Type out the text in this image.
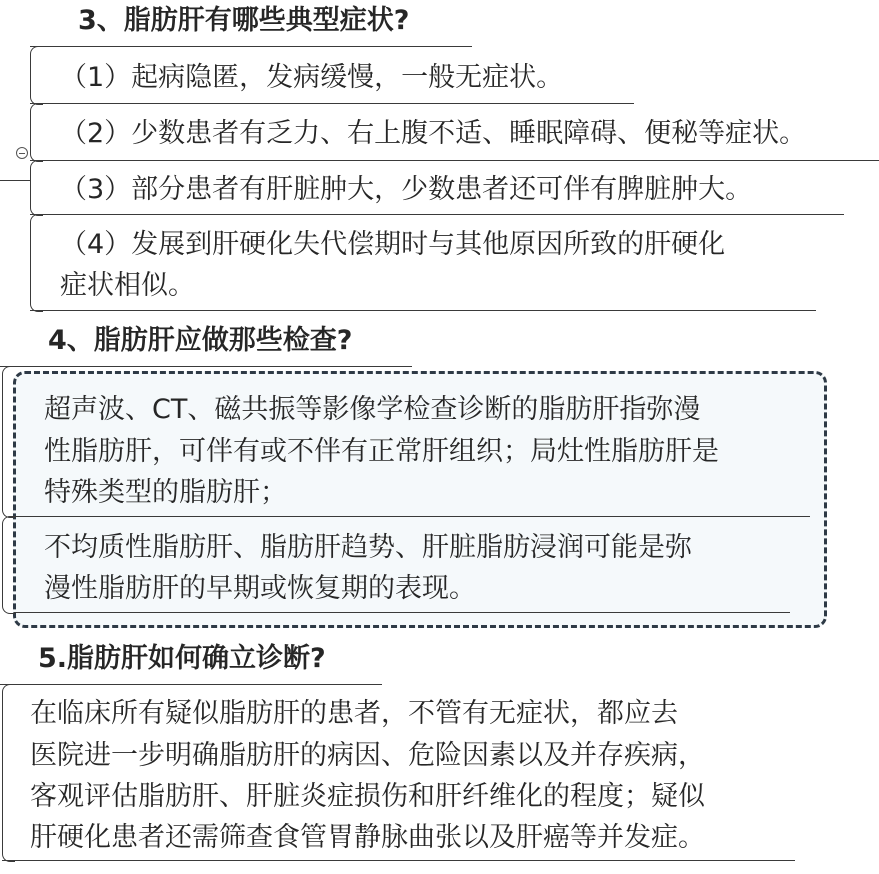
3、脂肪肝有哪些典型症状?
（1）起病隐匿，发病缓慢，一般无症状。
（2）少数患者有乏力、右上腹不适、睡眠障碍、便秘等症状。
（3）部分患者有肝脏肿大，少数患者还可伴有脾脏肿大。
（4）发展到肝硬化失代偿期时与其他原因所致的肝硬化
症状相似。
4、脂肪肝应做那些检查?
超声波、CT、磁共振等影像学检查诊断的脂肪肝指弥漫
性脂肪肝，可伴有或不伴有正常肝组织；局灶性脂肪肝是
特殊类型的脂肪肝；
不均质性脂肪肝、脂肪肝趋势、肝脏脂肪浸润可能是弥
漫性脂肪肝的早期或恢复期的表现。
5.脂肪肝如何确立诊断?
在临床所有疑似脂肪肝的患者，不管有无症状，都应去
医院进一步明确脂肪肝的病因、危险因素以及并存疾病，
客观评估脂肪肝、肝脏炎症损伤和肝纤维化的程度；疑似
肝硬化患者还需筛查食管胃静脉曲张以及肝癌等并发症。
